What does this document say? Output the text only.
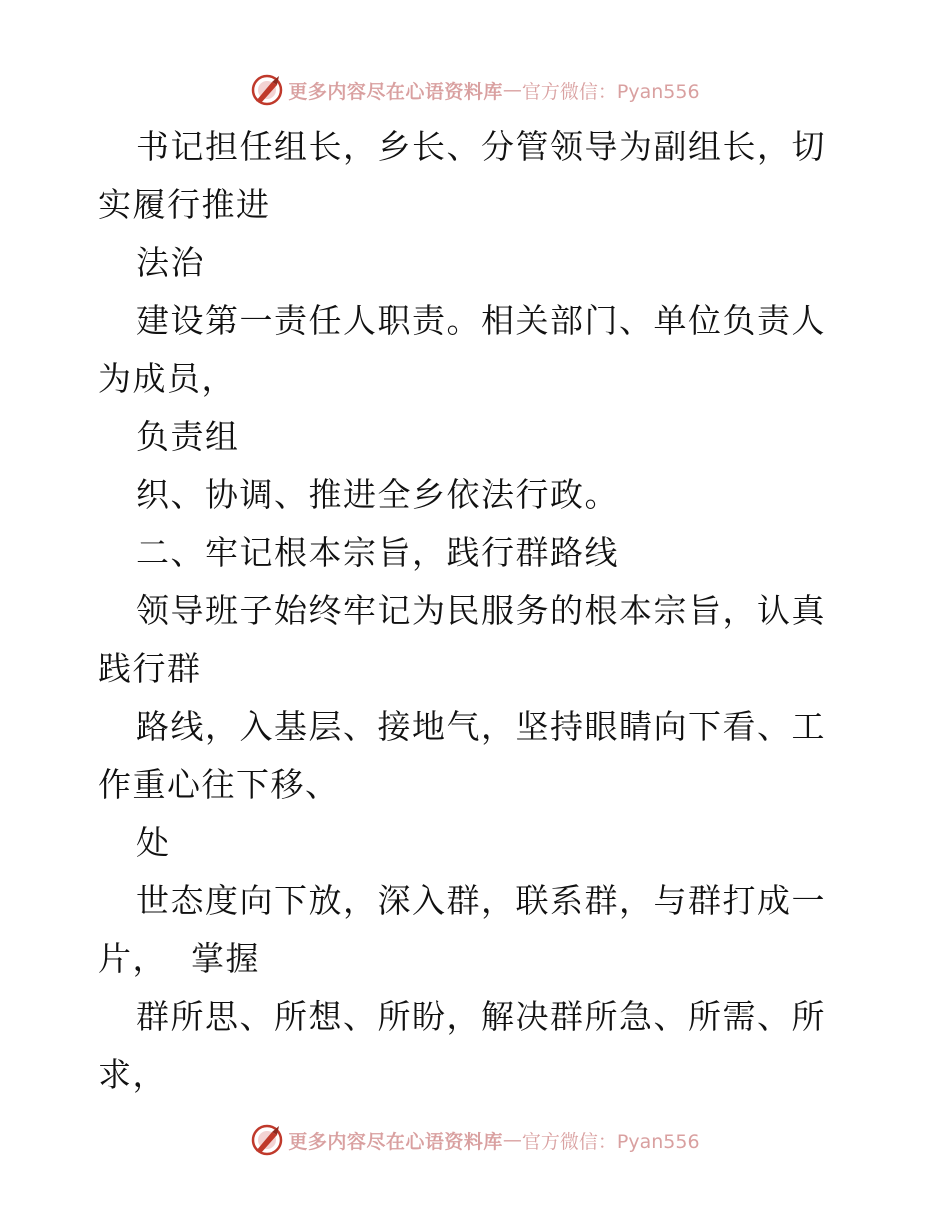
更多内容尽在心语资料库 — 官方微信：Pyan556

书记担任组长，乡长、分管领导为副组长，切实履行推进

法治

建设第一责任人职责。相关部门、单位负责人为成员，

负责组

织、协调、推进全乡依法行政。

二、牢记根本宗旨，践行群路线

领导班子始终牢记为民服务的根本宗旨，认真践行群

路线，入基层、接地气，坚持眼睛向下看、工作重心往下移、

处

世态度向下放，深入群，联系群，与群打成一片，  掌握

群所思、所想、所盼，解决群所急、所需、所求，

更多内容尽在心语资料库 — 官方微信：Pyan556
